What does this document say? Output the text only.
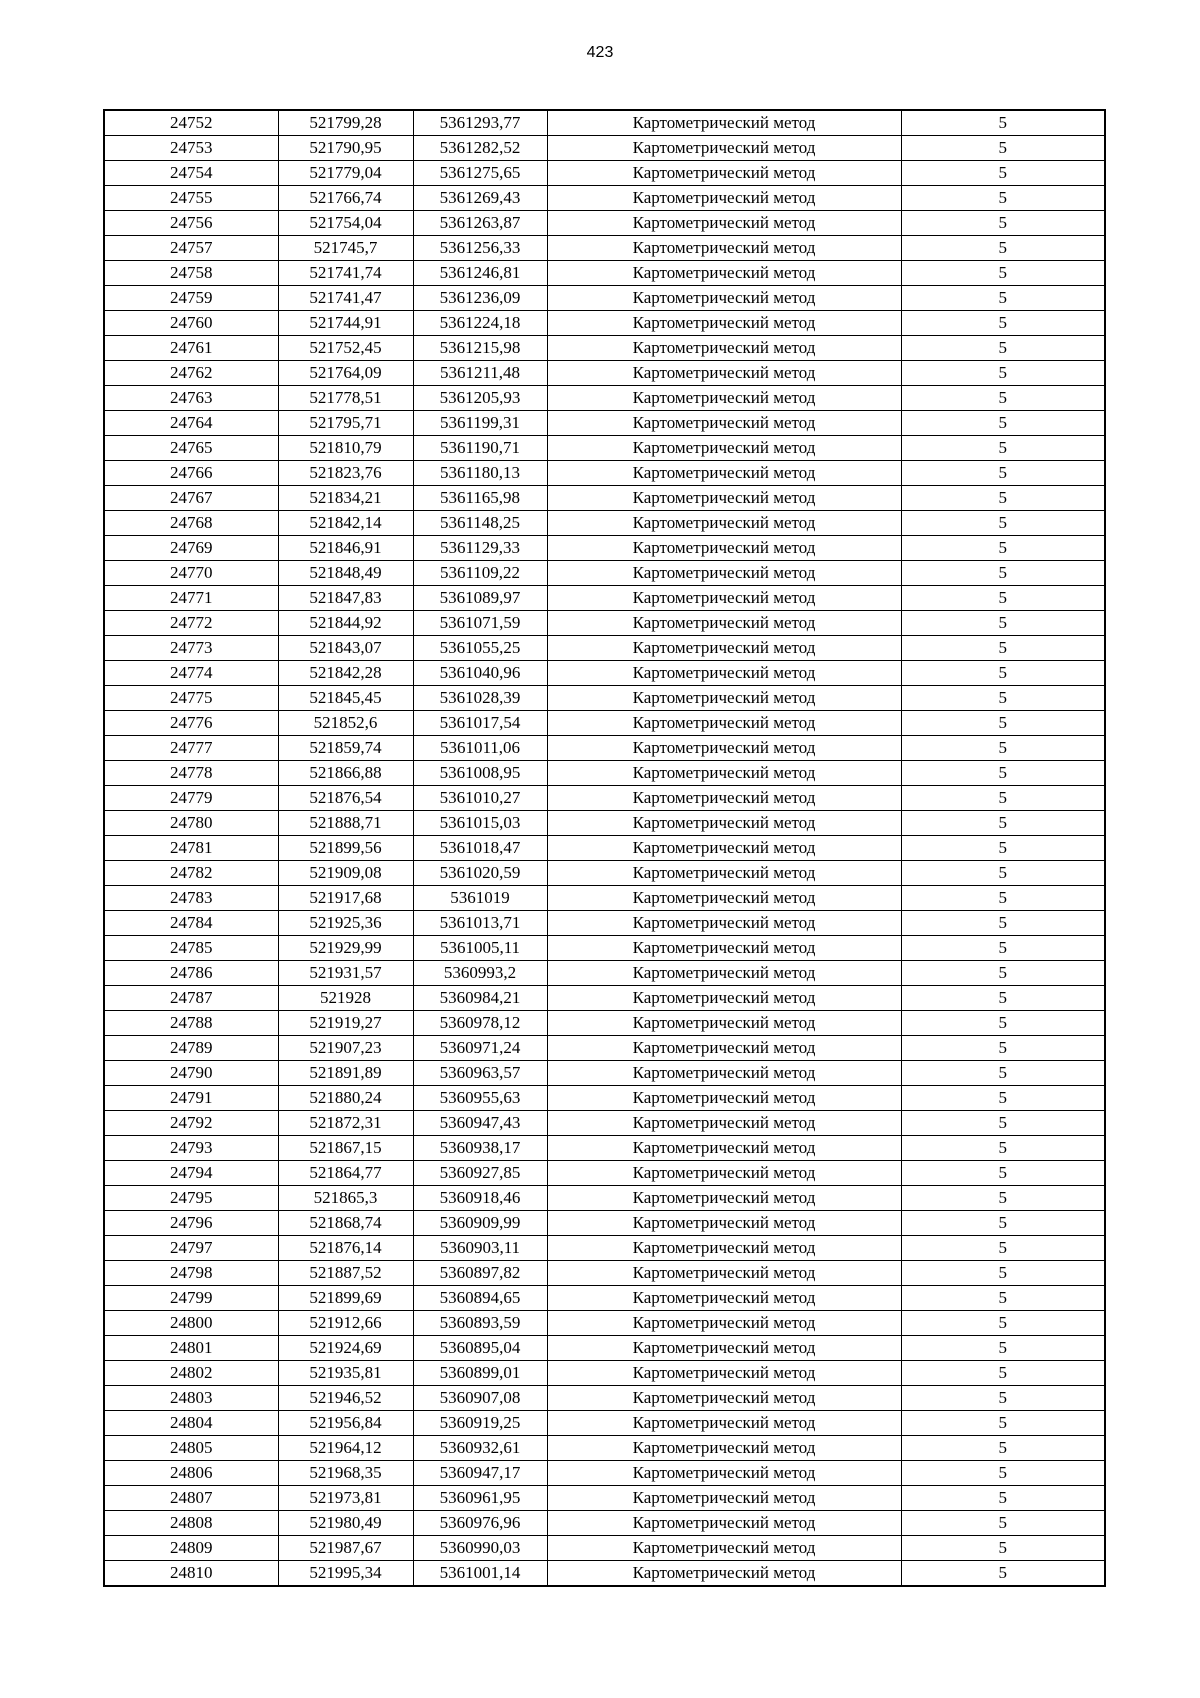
423
24752	521799,28	5361293,77	Картометрический метод	5
24753	521790,95	5361282,52	Картометрический метод	5
24754	521779,04	5361275,65	Картометрический метод	5
24755	521766,74	5361269,43	Картометрический метод	5
24756	521754,04	5361263,87	Картометрический метод	5
24757	521745,7	5361256,33	Картометрический метод	5
24758	521741,74	5361246,81	Картометрический метод	5
24759	521741,47	5361236,09	Картометрический метод	5
24760	521744,91	5361224,18	Картометрический метод	5
24761	521752,45	5361215,98	Картометрический метод	5
24762	521764,09	5361211,48	Картометрический метод	5
24763	521778,51	5361205,93	Картометрический метод	5
24764	521795,71	5361199,31	Картометрический метод	5
24765	521810,79	5361190,71	Картометрический метод	5
24766	521823,76	5361180,13	Картометрический метод	5
24767	521834,21	5361165,98	Картометрический метод	5
24768	521842,14	5361148,25	Картометрический метод	5
24769	521846,91	5361129,33	Картометрический метод	5
24770	521848,49	5361109,22	Картометрический метод	5
24771	521847,83	5361089,97	Картометрический метод	5
24772	521844,92	5361071,59	Картометрический метод	5
24773	521843,07	5361055,25	Картометрический метод	5
24774	521842,28	5361040,96	Картометрический метод	5
24775	521845,45	5361028,39	Картометрический метод	5
24776	521852,6	5361017,54	Картометрический метод	5
24777	521859,74	5361011,06	Картометрический метод	5
24778	521866,88	5361008,95	Картометрический метод	5
24779	521876,54	5361010,27	Картометрический метод	5
24780	521888,71	5361015,03	Картометрический метод	5
24781	521899,56	5361018,47	Картометрический метод	5
24782	521909,08	5361020,59	Картометрический метод	5
24783	521917,68	5361019	Картометрический метод	5
24784	521925,36	5361013,71	Картометрический метод	5
24785	521929,99	5361005,11	Картометрический метод	5
24786	521931,57	5360993,2	Картометрический метод	5
24787	521928	5360984,21	Картометрический метод	5
24788	521919,27	5360978,12	Картометрический метод	5
24789	521907,23	5360971,24	Картометрический метод	5
24790	521891,89	5360963,57	Картометрический метод	5
24791	521880,24	5360955,63	Картометрический метод	5
24792	521872,31	5360947,43	Картометрический метод	5
24793	521867,15	5360938,17	Картометрический метод	5
24794	521864,77	5360927,85	Картометрический метод	5
24795	521865,3	5360918,46	Картометрический метод	5
24796	521868,74	5360909,99	Картометрический метод	5
24797	521876,14	5360903,11	Картометрический метод	5
24798	521887,52	5360897,82	Картометрический метод	5
24799	521899,69	5360894,65	Картометрический метод	5
24800	521912,66	5360893,59	Картометрический метод	5
24801	521924,69	5360895,04	Картометрический метод	5
24802	521935,81	5360899,01	Картометрический метод	5
24803	521946,52	5360907,08	Картометрический метод	5
24804	521956,84	5360919,25	Картометрический метод	5
24805	521964,12	5360932,61	Картометрический метод	5
24806	521968,35	5360947,17	Картометрический метод	5
24807	521973,81	5360961,95	Картометрический метод	5
24808	521980,49	5360976,96	Картометрический метод	5
24809	521987,67	5360990,03	Картометрический метод	5
24810	521995,34	5361001,14	Картометрический метод	5
